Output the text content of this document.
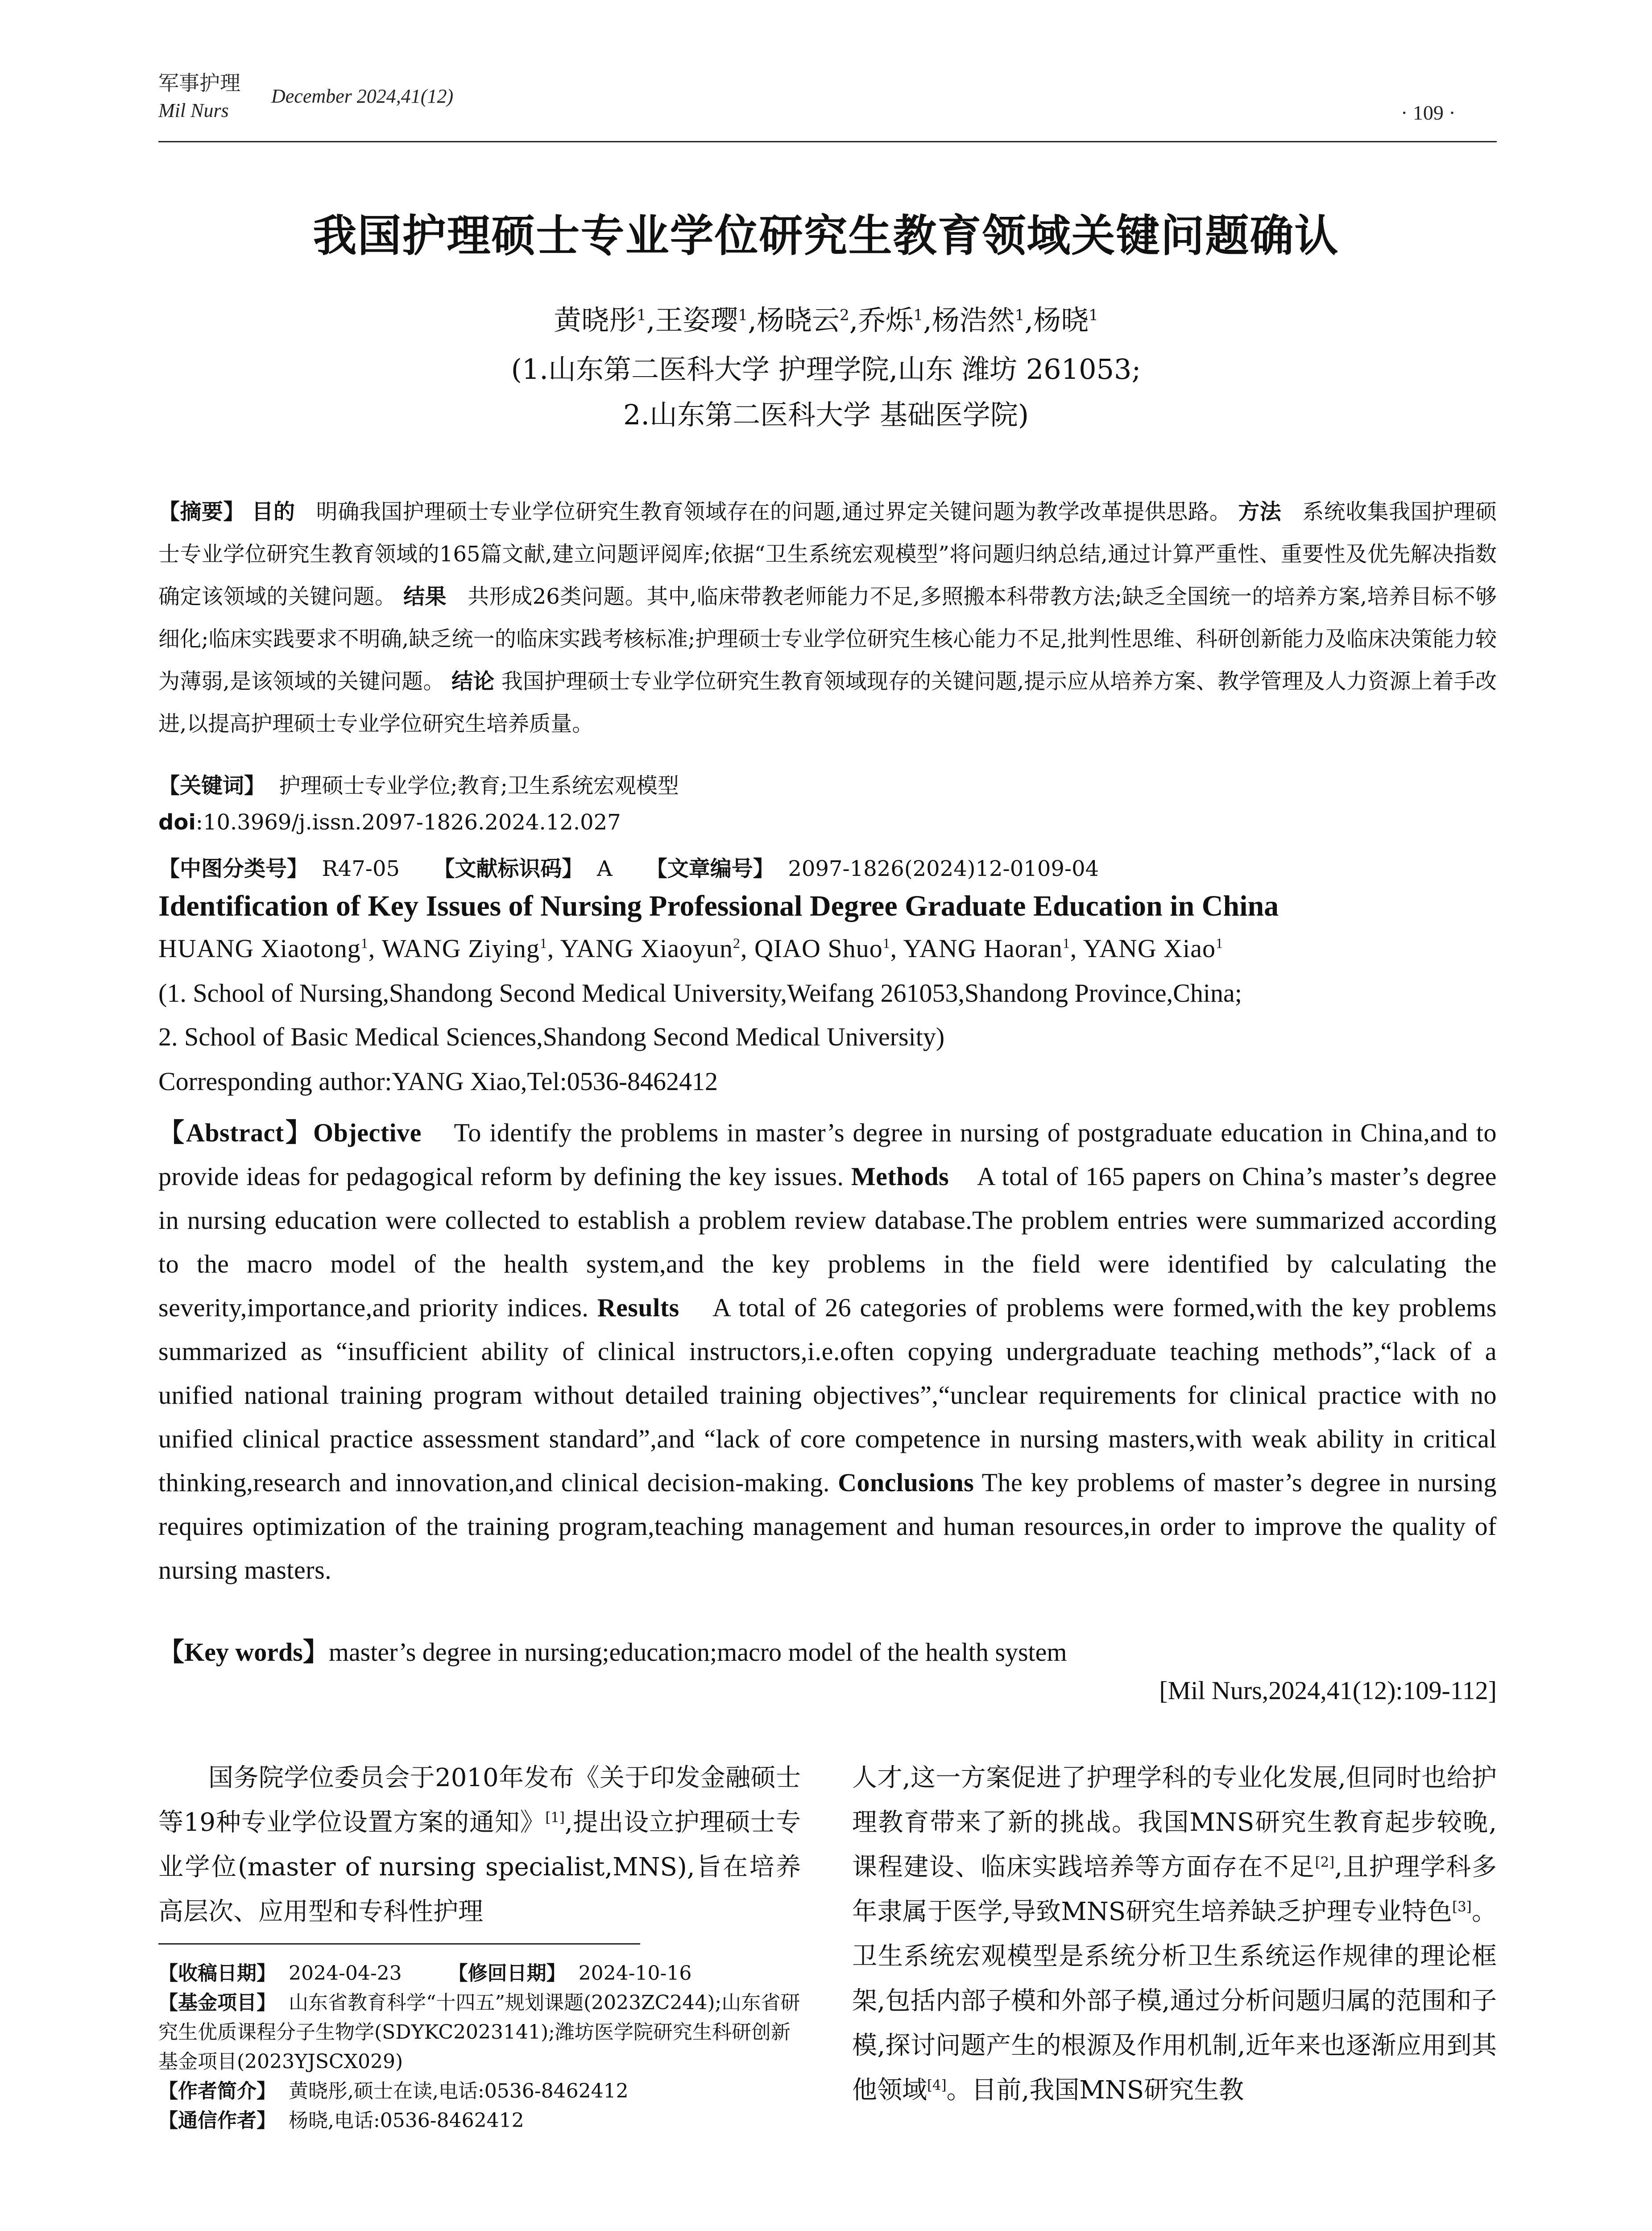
军事护理
December 2024,41(12)
Mil Nurs	· 109 ·
我国护理硕士专业学位研究生教育领域关键问题确认
黄晓彤$^1$,王姿璎$^1$,杨晓云$^2$,乔烁$^1$,杨浩然$^1$,杨晓$^1$
(1.山东第二医科大学 护理学院,山东 潍坊 261053;
2.山东第二医科大学 基础医学院)
【摘要】 目的 明确我国护理硕士专业学位研究生教育领域存在的问题,通过界定关键问题为教学改革提供思路。 方法 系统收集我国护理硕士专业学位研究生教育领域的165篇文献,建立问题评阅库;依据“卫生系统宏观模型”将问题归纳总结,通过计算严重性、重要性及优先解决指数确定该领域的关键问题。 结果 共形成26类问题。其中,临床带教老师能力不足,多照搬本科带教方法;缺乏全国统一的培养方案,培养目标不够细化;临床实践要求不明确,缺乏统一的临床实践考核标准;护理硕士专业学位研究生核心能力不足,批判性思维、科研创新能力及临床决策能力较为薄弱,是该领域的关键问题。 结论 我国护理硕士专业学位研究生教育领域现存的关键问题,提示应从培养方案、教学管理及人力资源上着手改进,以提高护理硕士专业学位研究生培养质量。
【关键词】 护理硕士专业学位;教育;卫生系统宏观模型
doi:10.3969/j.issn.2097-1826.2024.12.027
【中图分类号】 R47-05 【文献标识码】 A 【文章编号】 2097-1826(2024)12-0109-04
Identification of Key Issues of Nursing Professional Degree Graduate Education in China
HUANG Xiaotong$^1$, WANG Ziying$^1$, YANG Xiaoyun$^2$, QIAO Shuo$^1$, YANG Haoran$^1$, YANG Xiao$^1$
(1. School of Nursing,Shandong Second Medical University,Weifang 261053,Shandong Province,China;
2. School of Basic Medical Sciences,Shandong Second Medical University)
Corresponding author:YANG Xiao,Tel:0536-8462412
【Abstract】Objective To identify the problems in master’s degree in nursing of postgraduate education in China,and to provide ideas for pedagogical reform by defining the key issues. Methods A total of 165 papers on China’s master’s degree in nursing education were collected to establish a problem review database.The problem entries were summarized according to the macro model of the health system,and the key problems in the field were identified by calculating the severity,importance,and priority indices. Results A total of 26 categories of problems were formed,with the key problems summarized as “insufficient ability of clinical instructors,i.e.often copying undergraduate teaching methods”,“lack of a unified national training program without detailed training objectives”,“unclear requirements for clinical practice with no unified clinical practice assessment standard”,and “lack of core competence in nursing masters,with weak ability in critical thinking,research and innovation,and clinical decision-making. Conclusions The key problems of master’s degree in nursing requires optimization of the training program,teaching management and human resources,in order to improve the quality of nursing masters.
【Key words】master’s degree in nursing;education;macro model of the health system
[Mil Nurs,2024,41(12):109-112]
国务院学位委员会于2010年发布《关于印发金融硕士等19种专业学位设置方案的通知》[1],提出设立护理硕士专业学位(master of nursing specialist,MNS),旨在培养高层次、应用型和专科性护理
人才,这一方案促进了护理学科的专业化发展,但同时也给护理教育带来了新的挑战。我国MNS研究生教育起步较晚,课程建设、临床实践培养等方面存在不足[2],且护理学科多年隶属于医学,导致MNS研究生培养缺乏护理专业特色[3]。卫生系统宏观模型是系统分析卫生系统运作规律的理论框架,包括内部子模和外部子模,通过分析问题归属的范围和子模,探讨问题产生的根源及作用机制,近年来也逐渐应用到其他领域[4]。目前,我国MNS研究生教
【收稿日期】 2024-04-23 【修回日期】 2024-10-16
【基金项目】 山东省教育科学“十四五”规划课题(2023ZC244);山东省研究生优质课程分子生物学(SDYKC2023141);潍坊医学院研究生科研创新基金项目(2023YJSCX029)
【作者简介】 黄晓彤,硕士在读,电话:0536-8462412
【通信作者】 杨晓,电话:0536-8462412
